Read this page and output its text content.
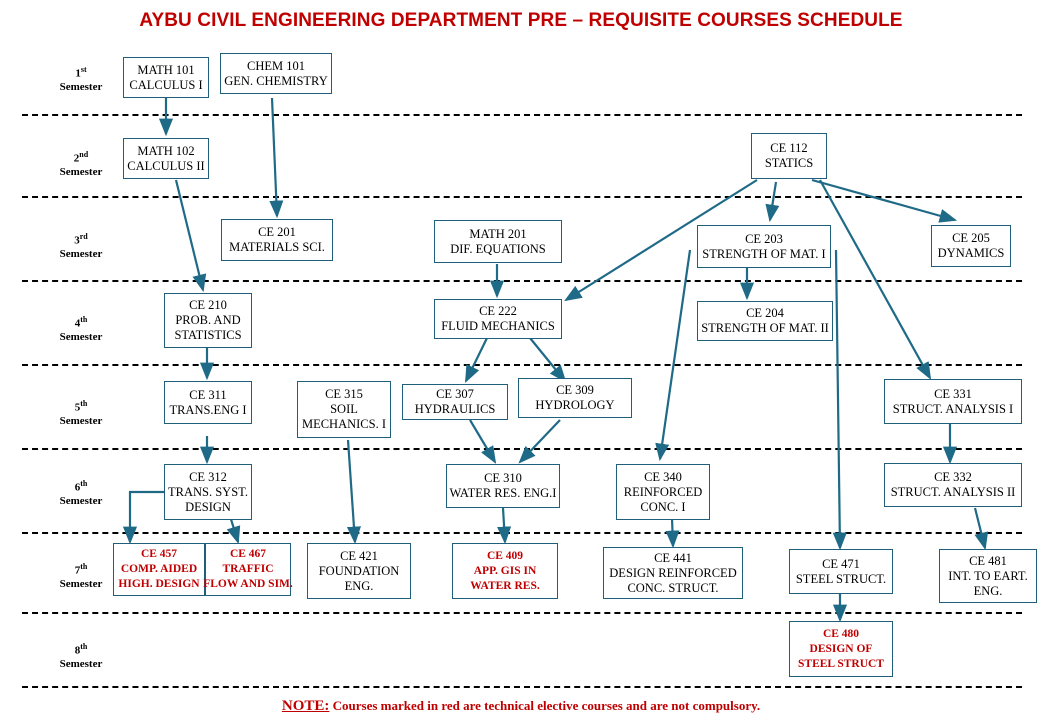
AYBU CIVIL ENGINEERING DEPARTMENT PRE – REQUISITE COURSES SCHEDULE
1st
Semester
2nd
Semester
3rd
Semester
4th
Semester
5th
Semester
6th
Semester
7th
Semester
8th
Semester
MATH 101
CALCULUS I
CHEM 101
GEN. CHEMISTRY
MATH 102
CALCULUS II
CE 112
STATICS
CE 201
MATERIALS SCI.
MATH 201
DIF. EQUATIONS
CE 203
STRENGTH OF MAT. I
CE 205
DYNAMICS
CE 210
PROB. AND
STATISTICS
CE 222
FLUID MECHANICS
CE 204
STRENGTH OF MAT. II
CE 311
TRANS.ENG I
CE 315
SOIL
MECHANICS. I
CE 307
HYDRAULICS
CE 309
HYDROLOGY
CE 331
STRUCT. ANALYSIS I
CE 312
TRANS. SYST.
DESIGN
CE 310
WATER RES. ENG.I
CE 340
REINFORCED
CONC. I
CE 332
STRUCT. ANALYSIS II
CE 457
COMP. AIDED
HIGH. DESIGN
CE 467
TRAFFIC
FLOW AND SIM.
CE 421
FOUNDATION
ENG.
CE 409
APP. GIS IN
WATER RES.
CE 441
DESIGN REINFORCED
CONC. STRUCT.
CE 471
STEEL STRUCT.
CE 481
INT. TO EART.
ENG.
CE 480
DESIGN OF
STEEL STRUCT
NOTE: Courses marked in red are technical elective courses and are not compulsory.
